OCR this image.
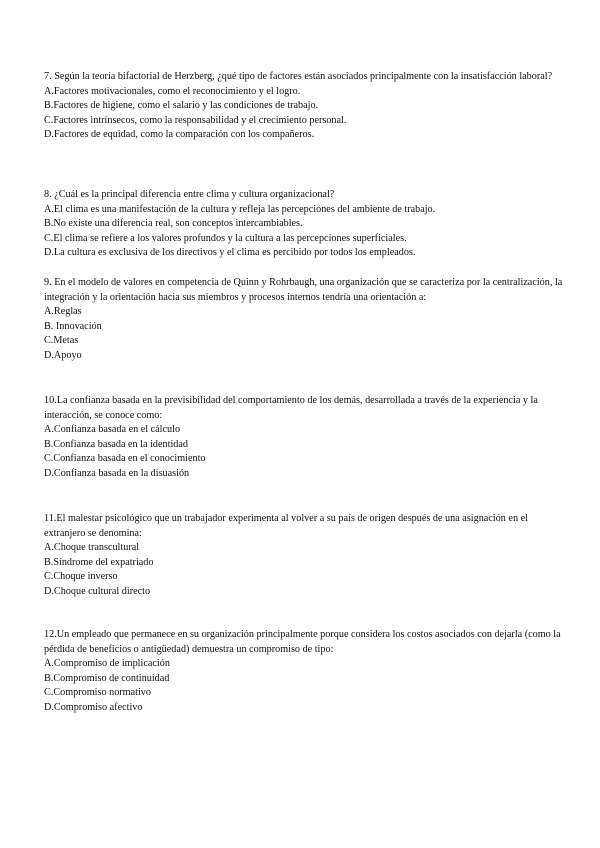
7. Según la teoría bifactorial de Herzberg, ¿qué tipo de factores están asociados principalmente con la insatisfacción laboral?

A.Factores motivacionales, como el reconocimiento y el logro.

B.Factores de higiene, como el salario y las condiciones de trabajo.

C.Factores intrínsecos, como la responsabilidad y el crecimiento personal.

D.Factores de equidad, como la comparación con los compañeros.

8. ¿Cuál es la principal diferencia entre clima y cultura organizacional?

A.El clima es una manifestación de la cultura y refleja las percepciones del ambiente de trabajo.

B.No existe una diferencia real, son conceptos intercambiables.

C.El clima se refiere a los valores profundos y la cultura a las percepciones superficiales.

D.La cultura es exclusiva de los directivos y el clima es percibido por todos los empleados.

9. En el modelo de valores en competencia de Quinn y Rohrbaugh, una organización que se caracteriza por la centralización, la integración y la orientación hacia sus miembros y procesos internos tendría una orientación a:

A.Reglas

B. Innovación

C.Metas

D.Apoyo

10.La confianza basada en la previsibilidad del comportamiento de los demás, desarrollada a través de la experiencia y la interacción, se conoce como:

A.Confianza basada en el cálculo

B.Confianza basada en la identidad

C.Confianza basada en el conocimiento

D.Confianza basada en la disuasión

11.El malestar psicológico que un trabajador experimenta al volver a su país de origen después de una asignación en el extranjero se denomina:

A.Choque transcultural

B.Síndrome del expatriado

C.Choque inverso

D.Choque cultural directo

12.Un empleado que permanece en su organización principalmente porque considera los costos asociados con dejarla (como la pérdida de beneficios o antigüedad) demuestra un compromiso de tipo:

A.Compromiso de implicación

B.Compromiso de continuidad

C.Compromiso normativo

D.Compromiso afectivo
